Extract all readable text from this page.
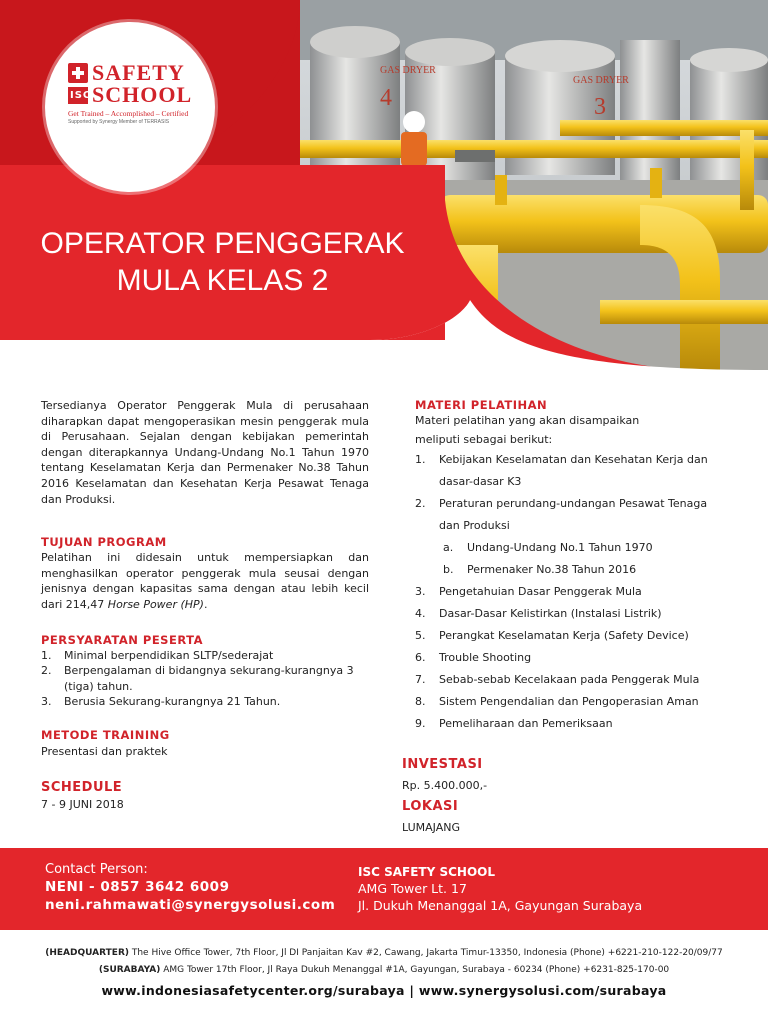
GAS DRYER
4
GAS DRYER
3
SAFETY
ISC SCHOOL
Get Trained – Accomplished – Certified
Supported by Synergy Member of TERRASIS
OPERATOR PENGGERAK
MULA KELAS 2

Tersedianya Operator Penggerak Mula di perusahaan diharapkan dapat mengoperasikan mesin penggerak mula di Perusahaan. Sejalan dengan kebijakan pemerintah dengan diterapkannya Undang-Undang No.1 Tahun 1970 tentang Keselamatan Kerja dan Permenaker No.38 Tahun 2016 Keselamatan dan Kesehatan Kerja Pesawat Tenaga dan Produksi.

TUJUAN PROGRAM

Pelatihan ini didesain untuk mempersiapkan dan menghasilkan operator penggerak mula seusai dengan jenisnya dengan kapasitas sama dengan atau lebih kecil dari 214,47 Horse Power (HP).

PERSYARATAN PESERTA
1.	Minimal berpendidikan SLTP/sederajat
2.	Berpengalaman di bidangnya sekurang-kurangnya 3 (tiga) tahun.
3.	Berusia Sekurang-kurangnya 21 Tahun.
METODE TRAINING
Presentasi dan praktek
SCHEDULE
7 - 9 JUNI 2018
MATERI PELATIHAN
Materi pelatihan yang akan disampaikan
meliputi sebagai berikut:
1.	Kebijakan Keselamatan dan Kesehatan Kerja dan
dasar-dasar K3
2.	Peraturan perundang-undangan Pesawat Tenaga
dan Produksi
a.	Undang-Undang No.1 Tahun 1970
b.	Permenaker No.38 Tahun 2016
3.	Pengetahuian Dasar Penggerak Mula
4.	Dasar-Dasar Kelistirkan (Instalasi Listrik)
5.	Perangkat Keselamatan Kerja (Safety Device)
6.	Trouble Shooting
7.	Sebab-sebab Kecelakaan pada Penggerak Mula
8.	Sistem Pengendalian dan Pengoperasian Aman
9.	Pemeliharaan dan Pemeriksaan
INVESTASI
Rp. 5.400.000,-
LOKASI
LUMAJANG
Contact Person:
NENI - 0857 3642 6009
neni.rahmawati@synergysolusi.com
ISC SAFETY SCHOOL
AMG Tower Lt. 17
Jl. Dukuh Menanggal 1A, Gayungan Surabaya
(HEADQUARTER) The Hive Office Tower, 7th Floor, Jl DI Panjaitan Kav #2, Cawang, Jakarta Timur-13350, Indonesia (Phone) +6221-210-122-20/09/77
(SURABAYA) AMG Tower 17th Floor, Jl Raya Dukuh Menanggal #1A, Gayungan, Surabaya - 60234 (Phone) +6231-825-170-00
www.indonesiasafetycenter.org/surabaya | www.synergysolusi.com/surabaya
